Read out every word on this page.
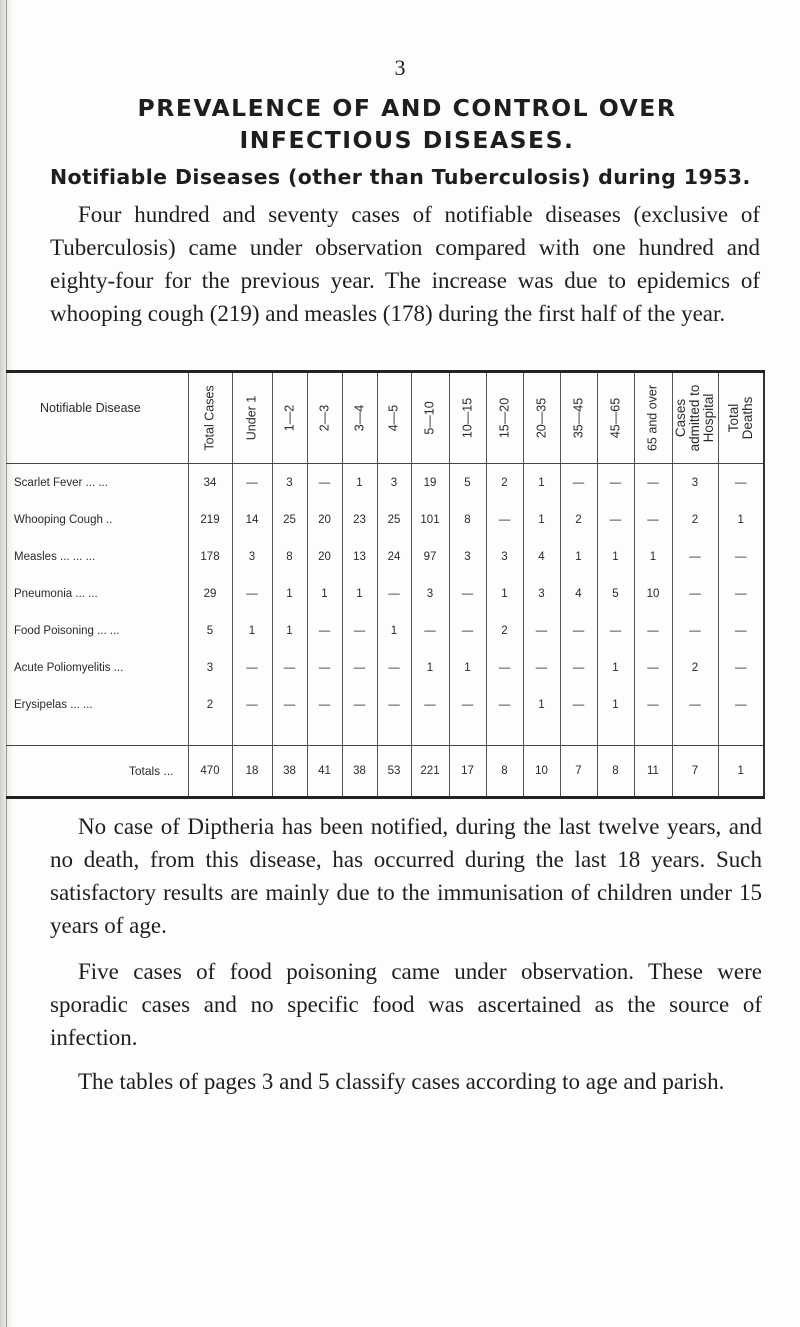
3
PREVALENCE OF AND CONTROL OVER INFECTIOUS DISEASES.
Notifiable Diseases (other than Tuberculosis) during 1953.

Four hundred and seventy cases of notifiable diseases (exclusive of Tuberculosis) came under observation compared with one hundred and eighty-four for the previous year. The increase was due to epidemics of whooping cough (219) and measles (178) during the first half of the year.

Notifiable Disease	Total Cases	Under 1	1—2	2—3	3—4	4—5	5—10	10—15	15—20	20—35	35—45	45—65	65 and over	Cases admitted to Hospital	Total Deaths

Scarlet Fever ... ...	34	—	3	—	1	3	19	5	2	1	—	—	—	3	—
Whooping Cough ..	219	14	25	20	23	25	101	8	—	1	2	—	—	2	1
Measles ... ... ...	178	3	8	20	13	24	97	3	3	4	1	1	1	—	—
Pneumonia ... ...	29	—	1	1	1	—	3	—	1	3	4	5	10	—	—
Food Poisoning ... ...	5	1	1	—	—	1	—	—	2	—	—	—	—	—	—
Acute Poliomyelitis ...	3	—	—	—	—	—	1	1	—	—	—	1	—	2	—
Erysipelas ... ...	2	—	—	—	—	—	—	—	—	1	—	1	—	—	—

Totals ...	470	18	38	41	38	53	221	17	8	10	7	8	11	7	1

No case of Diptheria has been notified, during the last twelve years, and no death, from this disease, has occurred during the last 18 years. Such satisfactory results are mainly due to the immunisation of children under 15 years of age.

Five cases of food poisoning came under observation. These were sporadic cases and no specific food was ascertained as the source of infection.

The tables of pages 3 and 5 classify cases according to age and parish.
